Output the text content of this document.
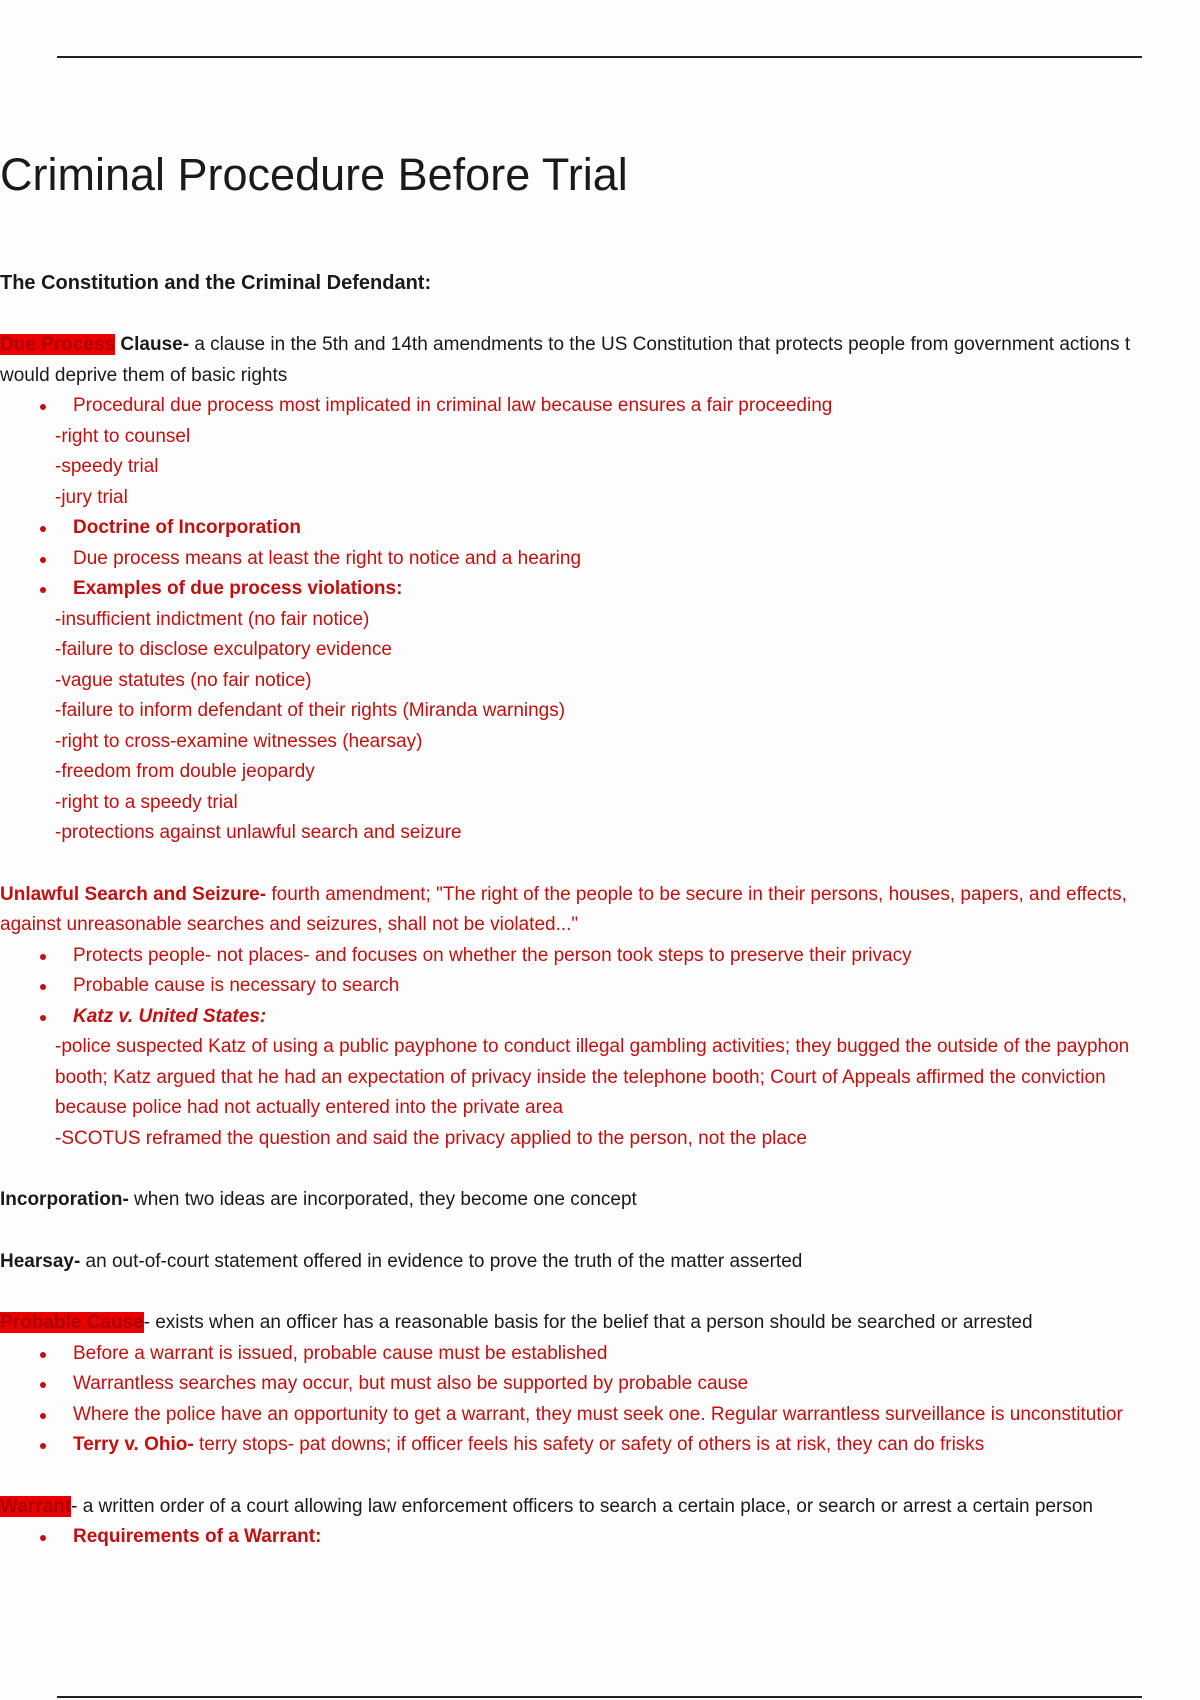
Criminal Procedure Before Trial
The Constitution and the Criminal Defendant:
Due Process Clause- a clause in the 5th and 14th amendments to the US Constitution that protects people from government actions t
would deprive them of basic rights
Procedural due process most implicated in criminal law because ensures a fair proceeding
-right to counsel
-speedy trial
-jury trial
Doctrine of Incorporation
Due process means at least the right to notice and a hearing
Examples of due process violations:
-insufficient indictment (no fair notice)
-failure to disclose exculpatory evidence
-vague statutes (no fair notice)
-failure to inform defendant of their rights (Miranda warnings)
-right to cross-examine witnesses (hearsay)
-freedom from double jeopardy
-right to a speedy trial
-protections against unlawful search and seizure
Unlawful Search and Seizure- fourth amendment; "The right of the people to be secure in their persons, houses, papers, and effects,
against unreasonable searches and seizures, shall not be violated..."
Protects people- not places- and focuses on whether the person took steps to preserve their privacy
Probable cause is necessary to search
Katz v. United States:
-police suspected Katz of using a public payphone to conduct illegal gambling activities; they bugged the outside of the payphon
booth; Katz argued that he had an expectation of privacy inside the telephone booth; Court of Appeals affirmed the conviction
because police had not actually entered into the private area
-SCOTUS reframed the question and said the privacy applied to the person, not the place
Incorporation- when two ideas are incorporated, they become one concept
Hearsay- an out-of-court statement offered in evidence to prove the truth of the matter asserted
Probable Cause- exists when an officer has a reasonable basis for the belief that a person should be searched or arrested
Before a warrant is issued, probable cause must be established
Warrantless searches may occur, but must also be supported by probable cause
Where the police have an opportunity to get a warrant, they must seek one. Regular warrantless surveillance is unconstitutior
Terry v. Ohio- terry stops- pat downs; if officer feels his safety or safety of others is at risk, they can do frisks
Warrant- a written order of a court allowing law enforcement officers to search a certain place, or search or arrest a certain person
Requirements of a Warrant:
